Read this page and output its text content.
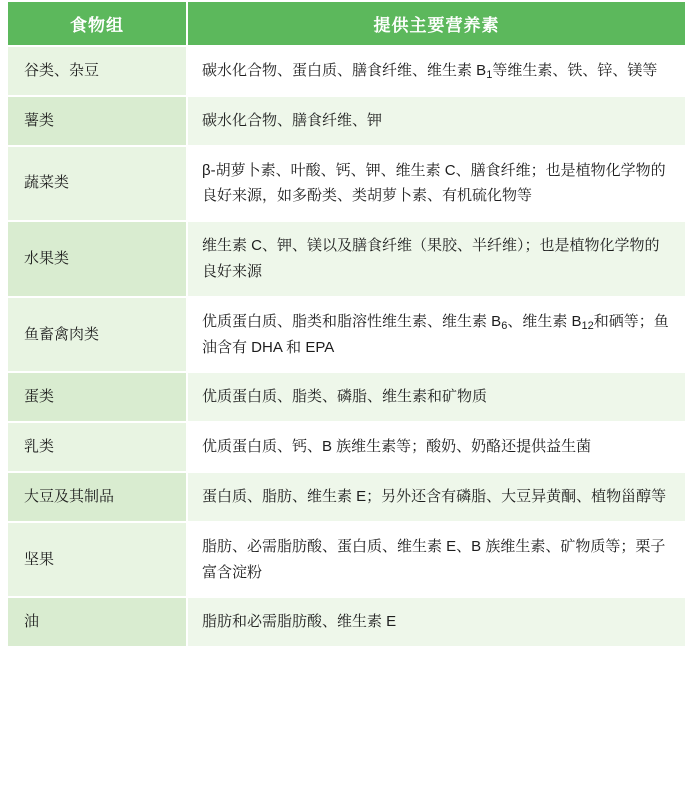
食物组	提供主要营养素
谷类、杂豆	碳水化合物、蛋白质、膳食纤维、维生素 $B_1$等维生素、铁、锌、镁等
薯类	碳水化合物、膳食纤维、钾
蔬菜类	β-胡萝卜素、叶酸、钙、钾、维生素 C、膳食纤维；也是植物化学物的良好来源，如多酚类、类胡萝卜素、有机硫化物等
水果类	维生素 C、钾、镁以及膳食纤维（果胶、半纤维）；也是植物化学物的良好来源
鱼畜禽肉类	优质蛋白质、脂类和脂溶性维生素、维生素 $B_6$、维生素 $B_{12}$和硒等；鱼油含有 DHA 和 EPA
蛋类	优质蛋白质、脂类、磷脂、维生素和矿物质
乳类	优质蛋白质、钙、B 族维生素等；酸奶、奶酪还提供益生菌
大豆及其制品	蛋白质、脂肪、维生素 E；另外还含有磷脂、大豆异黄酮、植物甾醇等
坚果	脂肪、必需脂肪酸、蛋白质、维生素 E、B 族维生素、矿物质等；栗子富含淀粉
油	脂肪和必需脂肪酸、维生素 E
